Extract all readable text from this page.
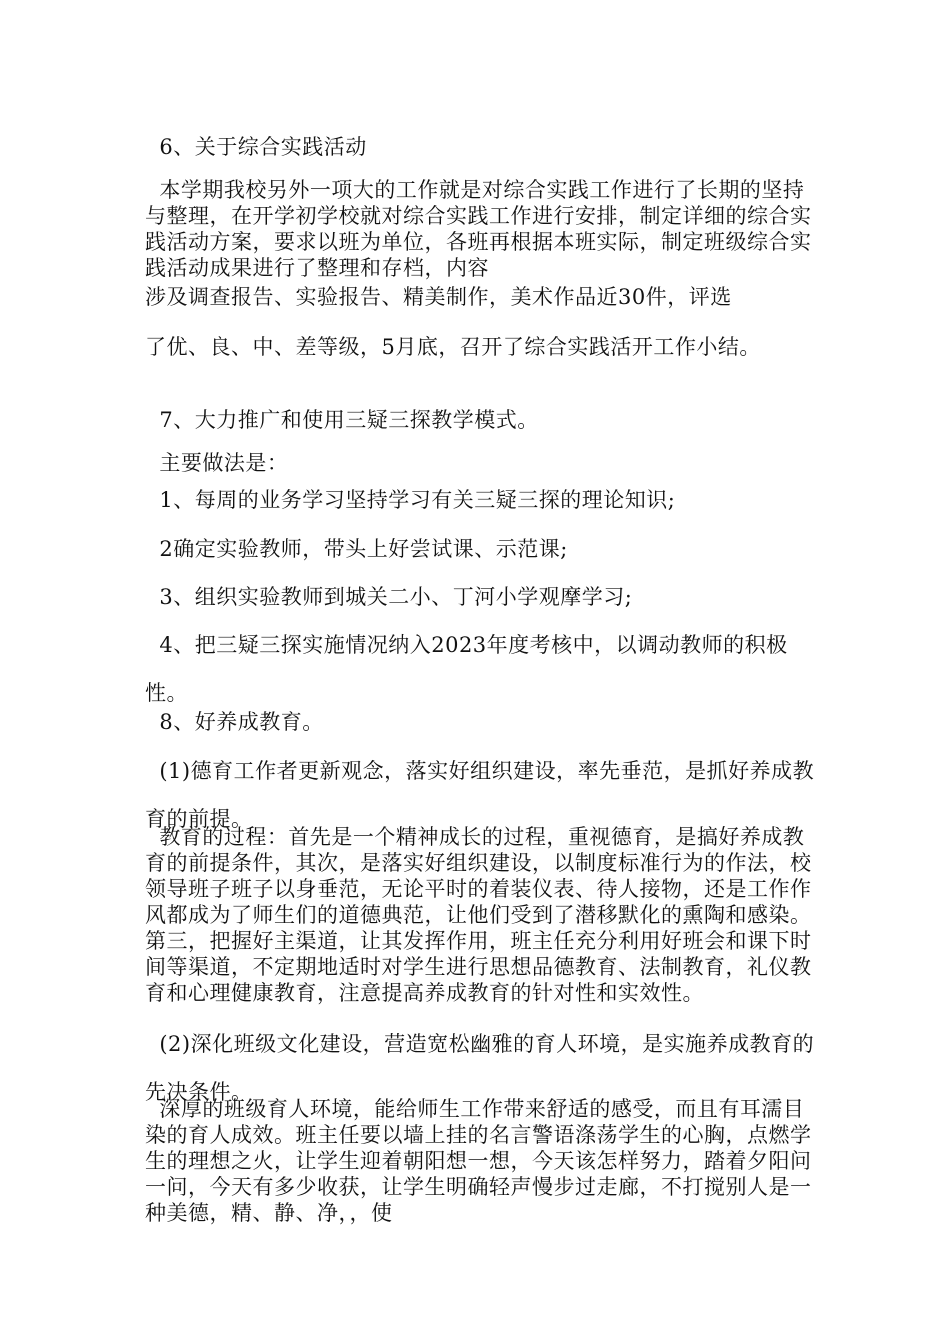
6、关于综合实践活动
本学期我校另外一项大的工作就是对综合实践工作进行了长期的坚持与整理，在开学初学校就对综合实践工作进行安排，制定详细的综合实践活动方案，要求以班为单位，各班再根据本班实际，制定班级综合实践活动成果进行了整理和存档，内容
涉及调查报告、实验报告、精美制作，美术作品近30件，评选
了优、良、中、差等级，5月底，召开了综合实践活开工作小结。
7、大力推广和使用三疑三探教学模式。
主要做法是：
1、每周的业务学习坚持学习有关三疑三探的理论知识;
2确定实验教师，带头上好尝试课、示范课;
3、组织实验教师到城关二小、丁河小学观摩学习;
4、把三疑三探实施情况纳入2023年度考核中，以调动教师的积极性。
8、好养成教育。
(1)德育工作者更新观念，落实好组织建设，率先垂范，是抓好养成教育的前提。
教育的过程：首先是一个精神成长的过程，重视德育，是搞好养成教育的前提条件，其次，是落实好组织建设，以制度标准行为的作法，校领导班子班子以身垂范，无论平时的着装仪表、待人接物，还是工作作风都成为了师生们的道德典范，让他们受到了潜移默化的熏陶和感染。第三，把握好主渠道，让其发挥作用，班主任充分利用好班会和课下时间等渠道，不定期地适时对学生进行思想品德教育、法制教育，礼仪教育和心理健康教育，注意提高养成教育的针对性和实效性。
(2)深化班级文化建设，营造宽松幽雅的育人环境，是实施养成教育的先决条件。
深厚的班级育人环境，能给师生工作带来舒适的感受，而且有耳濡目染的育人成效。班主任要以墙上挂的名言警语涤荡学生的心胸，点燃学生的理想之火，让学生迎着朝阳想一想，今天该怎样努力，踏着夕阳问一问，今天有多少收获，让学生明确轻声慢步过走廊，不打搅别人是一种美德，精、静、净，，使
